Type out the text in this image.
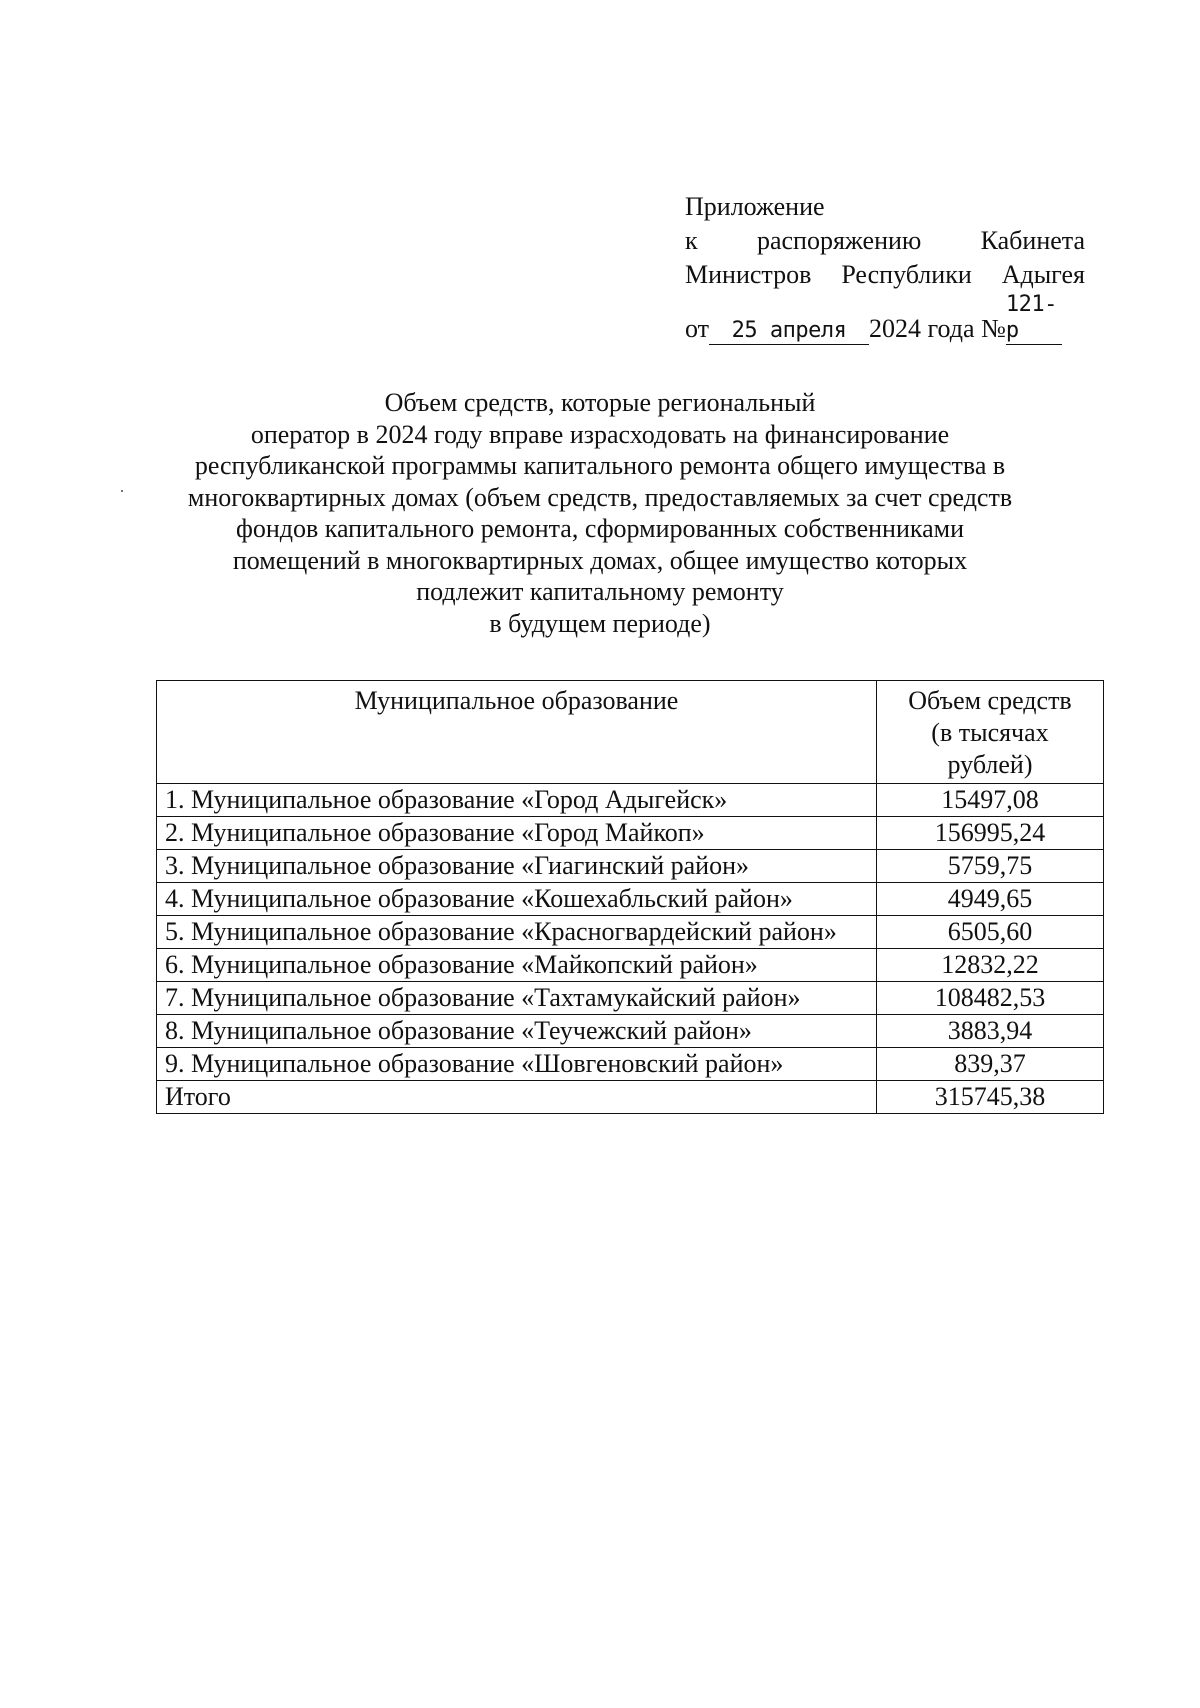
Приложение
к распоряжению Кабинета
Министров Республики Адыгея
от 25 апреля 2024 года №121-р
Объем средств, которые региональный
оператор в 2024 году вправе израсходовать на финансирование
республиканской программы капитального ремонта общего имущества в
многоквартирных домах (объем средств, предоставляемых за счет средств
фондов капитального ремонта, сформированных собственниками
помещений в многоквартирных домах, общее имущество которых
подлежит капитальному ремонту
в будущем периоде)
Муниципальное образование	Объем средств
(в тысячах
рублей)

1. Муниципальное образование «Город Адыгейск»	15497,08
2. Муниципальное образование «Город Майкоп»	156995,24
3. Муниципальное образование «Гиагинский район»	5759,75
4. Муниципальное образование «Кошехабльский район»	4949,65
5. Муниципальное образование «Красногвардейский район»	6505,60
6. Муниципальное образование «Майкопский район»	12832,22
7. Муниципальное образование «Тахтамукайский район»	108482,53
8. Муниципальное образование «Теучежский район»	3883,94
9. Муниципальное образование «Шовгеновский район»	839,37
Итого	315745,38
